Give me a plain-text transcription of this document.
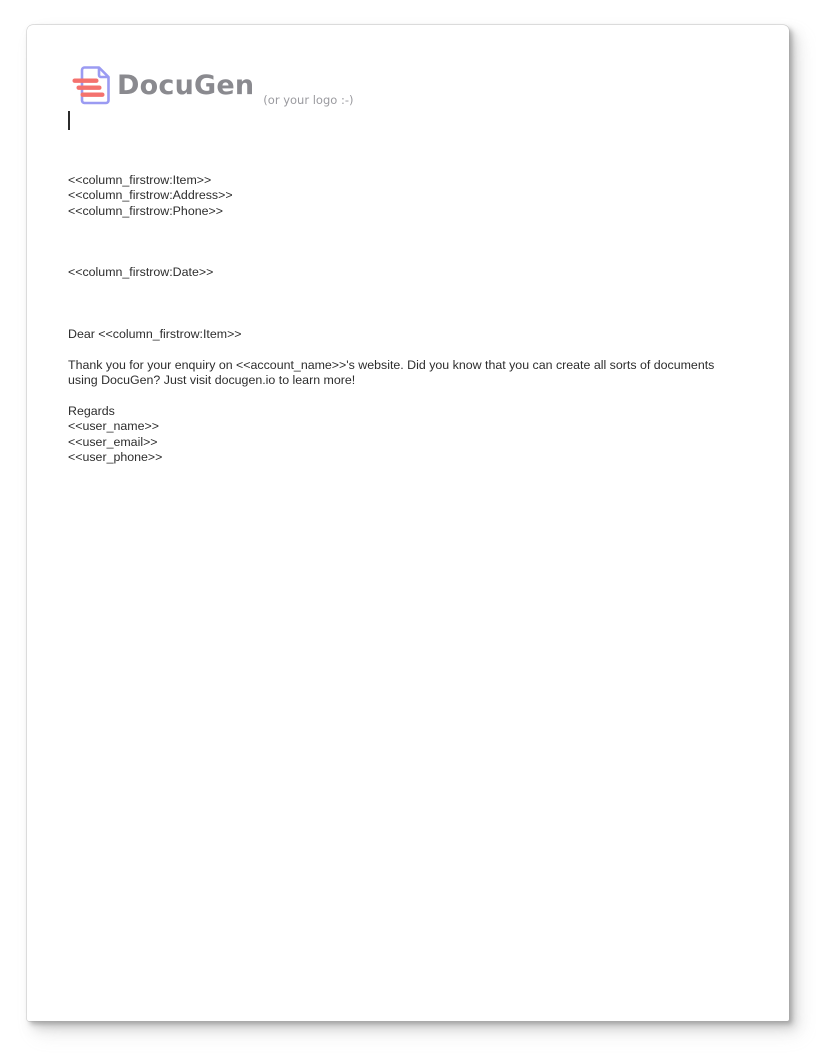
DocuGen (or your logo :-)
<<column_firstrow:Item>>
<<column_firstrow:Address>>
<<column_firstrow:Phone>>
<<column_firstrow:Date>>
Dear <<column_firstrow:Item>>
Thank you for your enquiry on <<account_name>>'s website. Did you know that you can create all sorts of documents using DocuGen? Just visit docugen.io to learn more!
Regards
<<user_name>>
<<user_email>>
<<user_phone>>
